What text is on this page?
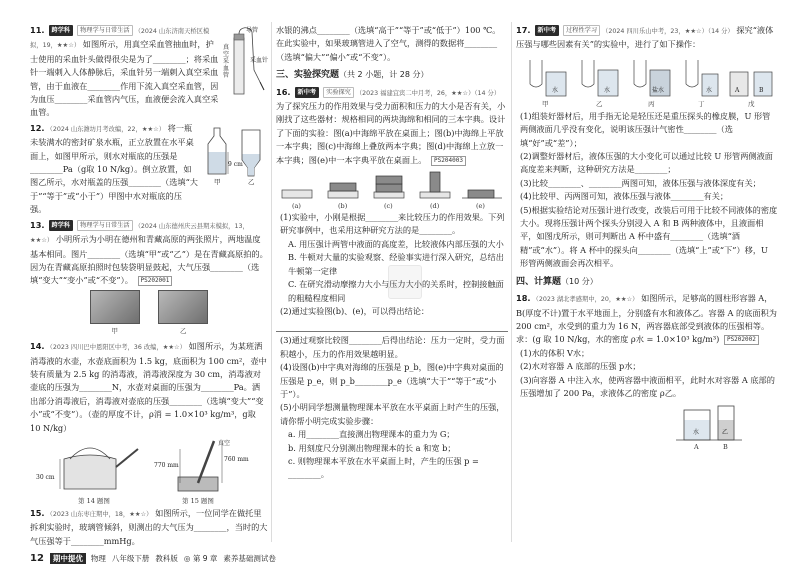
11. 跨学科 物理学与日常生活 （2024 山东济南天桥区模拟，19，★★☆） 如图所示，用真空采血管抽血时，护士使用的采血针头做得很尖是为了________；将采血针一端刺入人体静脉后，采血针另一端刺入真空采血管，由于血液在________作用下流入真空采血管，因为血压________采血管内气压，血液便会流入真空采血管。
导管
采血针
真空采血管
12. （2024 山东潍坊月考改编，22，★★☆） 将一瓶未装满水的密封矿泉水瓶，正立放置在水平桌面上，如图甲所示，则水对瓶底的压强是________Pa（g取 10 N/kg）。倒立放置，如图乙所示，水对瓶盖的压强________（选填“大于”“等于”或“小于”）甲图中水对瓶底的压强。
9 cm
甲	乙
13. 跨学科 物理学与日常生活 （2024 山东德州庆云县期末模拟，13，★★☆） 小明所示为小明在德州和青藏高原的两张照片，两地温度基本相同。图片________（选填“甲”或“乙”）是在青藏高原拍的。因为在青藏高原拍照时包装袋明显鼓起，大气压强________（选填“变大”“变小”或“不变”）。 PS202001

甲	乙
14. （2023 四川巴中恩阳区中考，36 改编，★★☆） 如图所示，为某班洒消毒液的水壶，水壶底面积为 1.5 kg，底面积为 100 cm²，壶中装有质量为 2.5 kg 的消毒液，消毒液深度为 30 cm，消毒液对壶底的压强为________N，水壶对桌面的压强为________Pa。洒出部分消毒液后，消毒液对壶底的压强________（选填“变大”“变小”或“不变”）。（壶的厚度不计，ρ消 = 1.0×10³ kg/m³，g取 10 N/kg）
30 cm
770 mm
760 mm
真空
第 14 题图	第 15 题图
15. （2023 山东枣庄期中，18，★★☆） 如图所示，一位同学在做托里拆利实验时，玻璃管倾斜，则测出的大气压为________，当时的大气压强等于________mmHg。
水银的沸点________（选填“高于”“等于”或“低于”）100 ℃。在此实验中，如果玻璃管进入了空气，测得的数据将________（选填“偏大”“偏小”或“不变”）。
三、实验探究题（共 2 小题，计 28 分）
16. 新中考 实验探究 （2023 福建宜宾二中月考，26，★★☆）（14 分） 为了探究压力的作用效果与受力面积和压力的大小是否有关，小刚找了这些器材：规格相同的两块海绵和相同的三本字典。设计了下面的实验：图(a)中海绵平放在桌面上；图(b)中海绵上平放一本字典；图(c)中海绵上叠放两本字典；图(d)中海绵上立放一本字典；图(e)中一本字典平放在桌面上。 PS204003
(a)	(b)	(c)	(d)	(e)
(1)实验中，小刚是根据________来比较压力的作用效果。下列研究事例中，也采用这种研究方法的是________。
A. 用压强计两管中液面的高度差，比较液体内部压强的大小
B. 牛顿对大量的实验观察、经验事实进行深入研究，总结出牛顿第一定律
C. 在研究滑动摩擦力大小与压力大小的关系时，控制接触面的粗糙程度相同
(2)通过实验图(b)、(e)，可以得出结论：
(3)通过观察比较图________后得出结论：压力一定时，受力面积越小，压力的作用效果越明显。
(4)设图(b)中字典对海绵的压强是 p_b，图(e)中字典对桌面的压强是 p_e，则 p_b________p_e（选填“大于”“等于”或“小于”）。
(5)小明同学想测量物理课本平放在水平桌面上时产生的压强，请你帮小明完成实验步骤：
a. 用________直接测出物理课本的重力为 G；
b. 用刻度尺分别测出物理课本的长 a 和宽 b；
c. 则物理课本平放在水平桌面上时，产生的压强 p = ________。
17. 新中考 过程性学习 （2024 四川乐山中考，23，★★☆）（14 分） 探究“液体压强与哪些因素有关”的实验中，进行了如下操作：
水	水	盐水	水	A	B
甲	乙	丙	丁	戊
(1)组装好器材后，用手指无论是轻压还是重压探头的橡皮膜，U 形管两侧液面几乎没有变化，说明该压强计气密性________（选填“好”或“差”）；
(2)调整好器材后，液体压强的大小变化可以通过比较 U 形管两侧液面高度差来判断，这种研究方法是________；
(3)比较________、________两图可知，液体压强与液体深度有关；
(4)比较甲、丙两图可知，液体压强与液体________有关；
(5)根据实验结论对压强计进行改变，改装后可用于比较不同液体的密度大小。现将压强计两个探头分别浸入 A 和 B 两种液体中，且液面相平，如图戊所示，则可判断出 A 杯中盛有________（选填“酒精”或“水”）。将 A 杯中的探头向________（选填“上”或“下”）移，U 形管两侧液面会再次相平。
四、计算题（10 分）
18. （2023 湖北孝感期中，20，★★☆） 如图所示，足够高的圆柱形容器 A，B(厚度不计)置于水平地面上，分别盛有水和液体乙。容器 A 的底面积为 200 cm²，水受到的重力为 16 N，两容器底部受到液体的压强相等。求：(g 取 10 N/kg，水的密度 ρ水 = 1.0×10³ kg/m³) PS202002
(1)水的体积 V水；
(2)水对容器 A 底部的压强 p水；
(3)向容器 A 中注入水，使两容器中液面相平，此时水对容器 A 底部的压强增加了 200 Pa，求液体乙的密度 ρ乙。
水	乙
A	B
12 期中提优 物理 八年级下册 教科版 ◎ 第 9 章 素养基础测试卷
